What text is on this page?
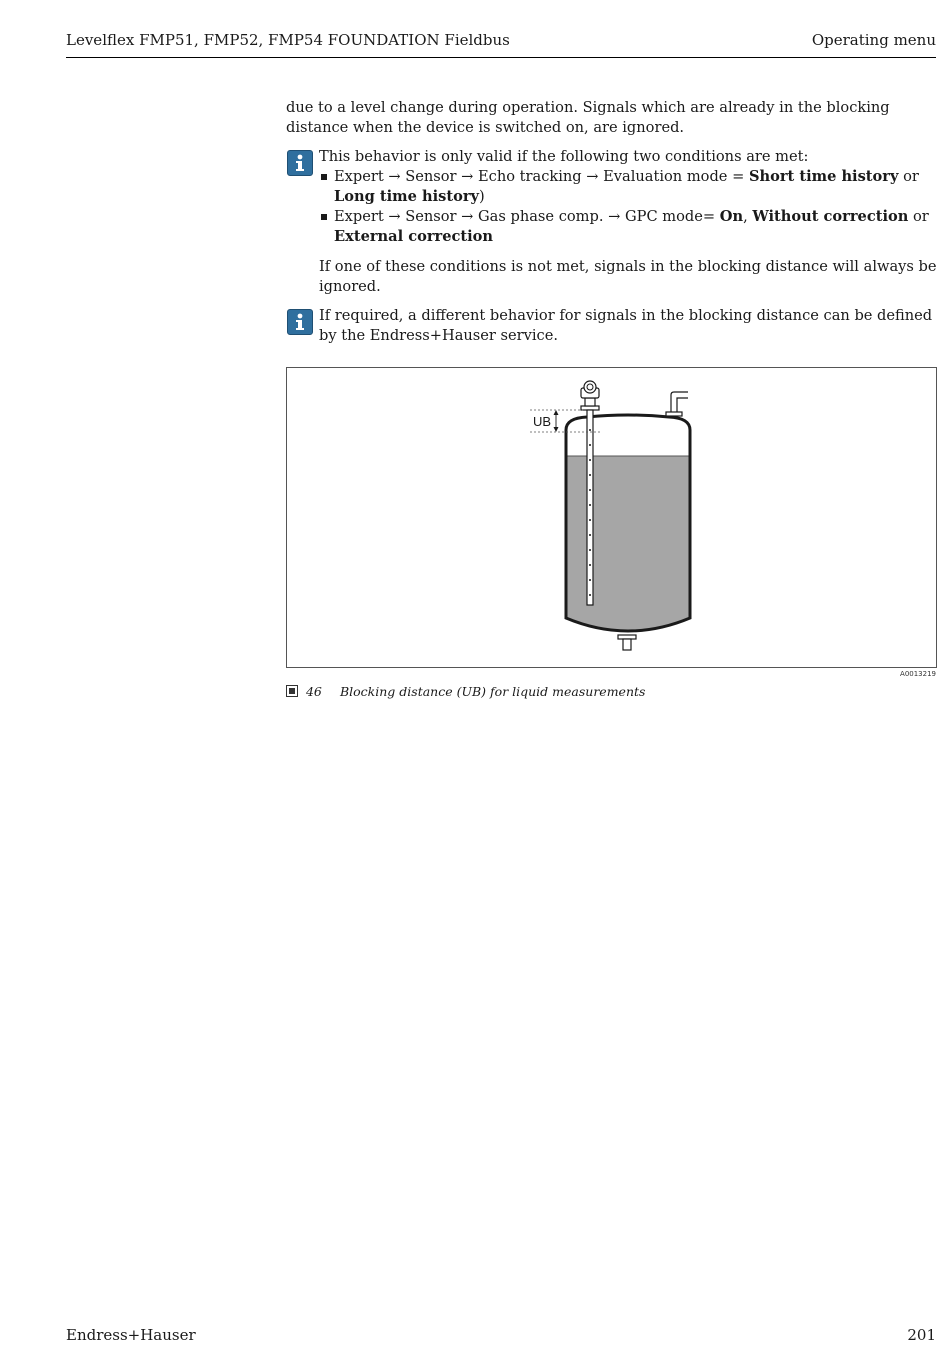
Levelflex FMP51, FMP52, FMP54 FOUNDATION Fieldbus	Operating menu
due to a level change during operation. Signals which are already in the blocking distance when the device is switched on, are ignored.
This behavior is only valid if the following two conditions are met:
Expert → Sensor → Echo tracking → Evaluation mode = Short time history or Long time history)
Expert → Sensor → Gas phase comp. → GPC mode= On, Without correction or External correction
If one of these conditions is not met, signals in the blocking distance will always be ignored.
If required, a different behavior for signals in the blocking distance can be defined by the Endress+Hauser service.
UB
A0013219
46 Blocking distance (UB) for liquid measurements
Endress+Hauser	201
